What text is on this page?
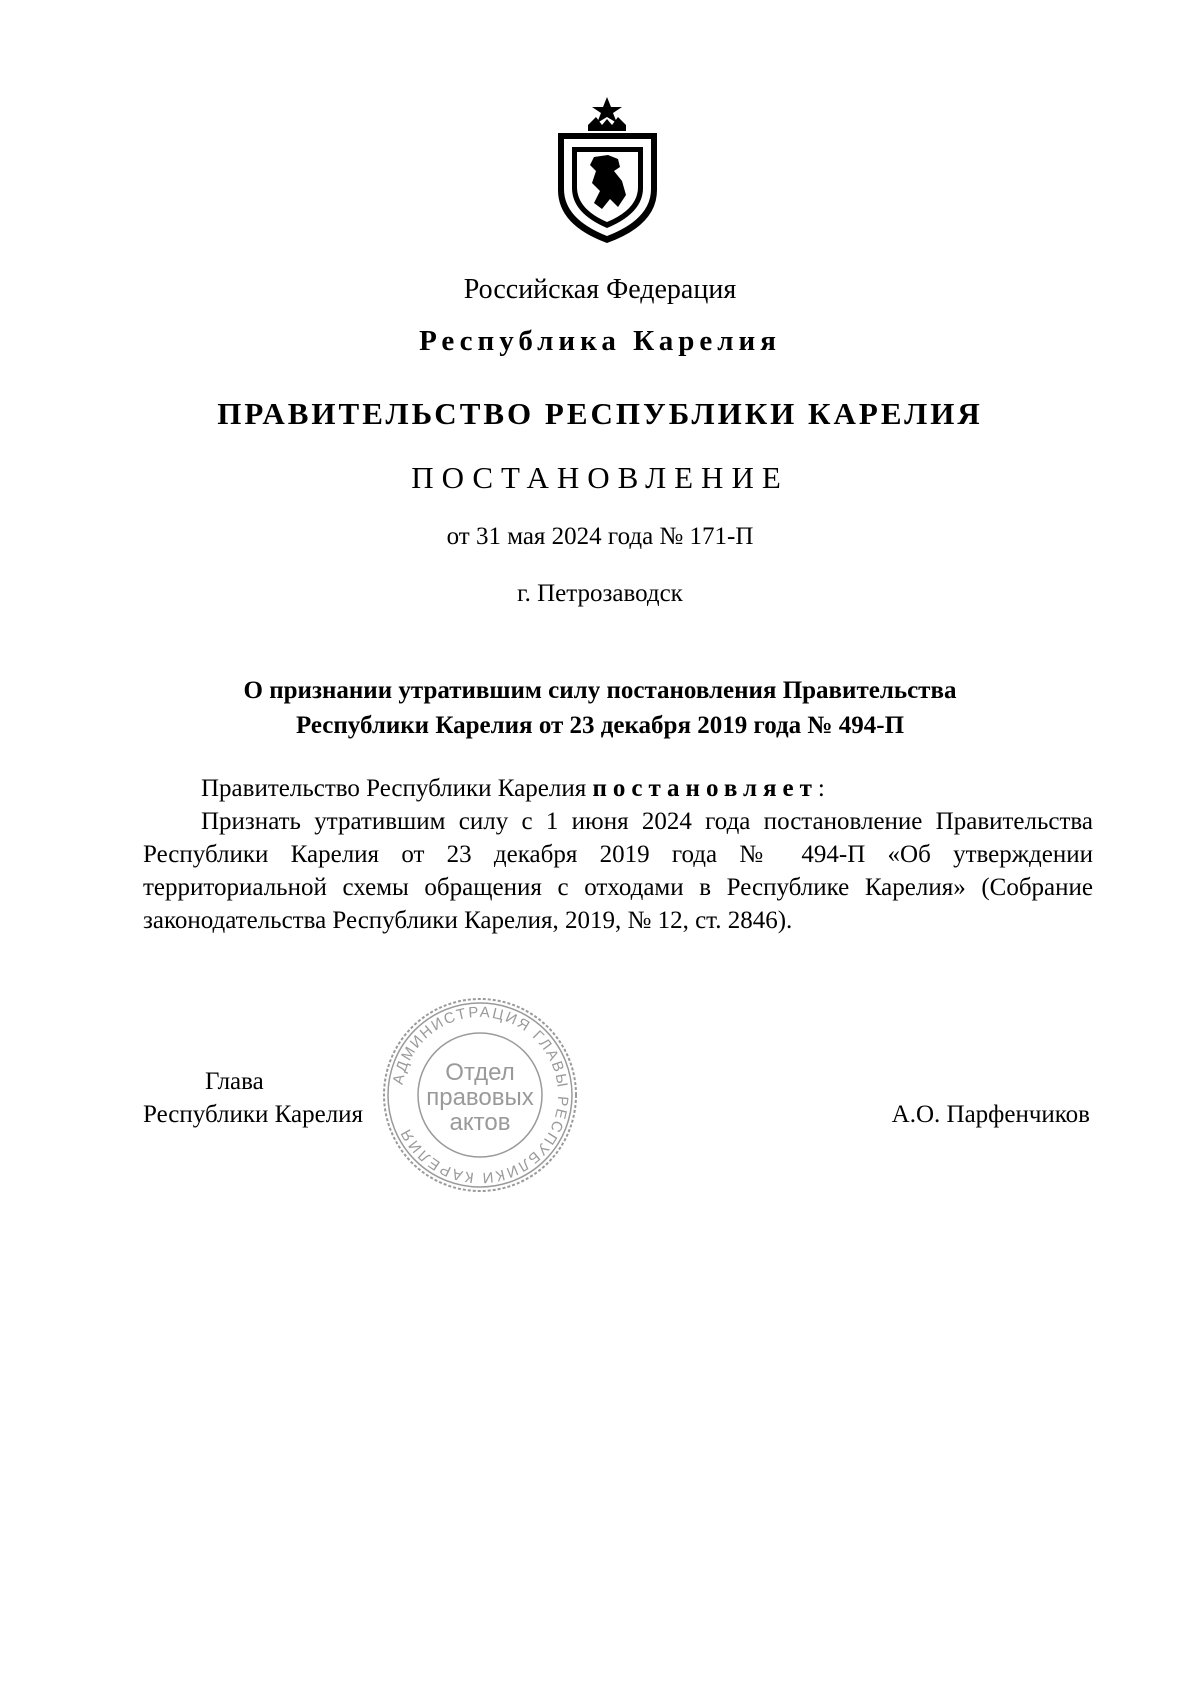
Российская Федерация
Республика Карелия
ПРАВИТЕЛЬСТВО РЕСПУБЛИКИ КАРЕЛИЯ
ПОСТАНОВЛЕНИЕ
от 31 мая 2024 года № 171-П
г. Петрозаводск
О признании утратившим силу постановления Правительства
Республики Карелия от 23 декабря 2019 года № 494-П
Правительство Республики Карелия постановляет:
Признать утратившим силу с 1 июня 2024 года постановление Правительства Республики Карелия от 23 декабря 2019 года № 494-П «Об утверждении территориальной схемы обращения с отходами в Республике Карелия» (Собрание законодательства Республики Карелия, 2019, № 12, ст. 2846).
Глава
Республики Карелия	А.О. Парфенчиков
АДМИНИСТРАЦИЯ ГЛАВЫ РЕСПУБЛИКИ КАРЕЛИЯ
Отдел
правовых
актов
